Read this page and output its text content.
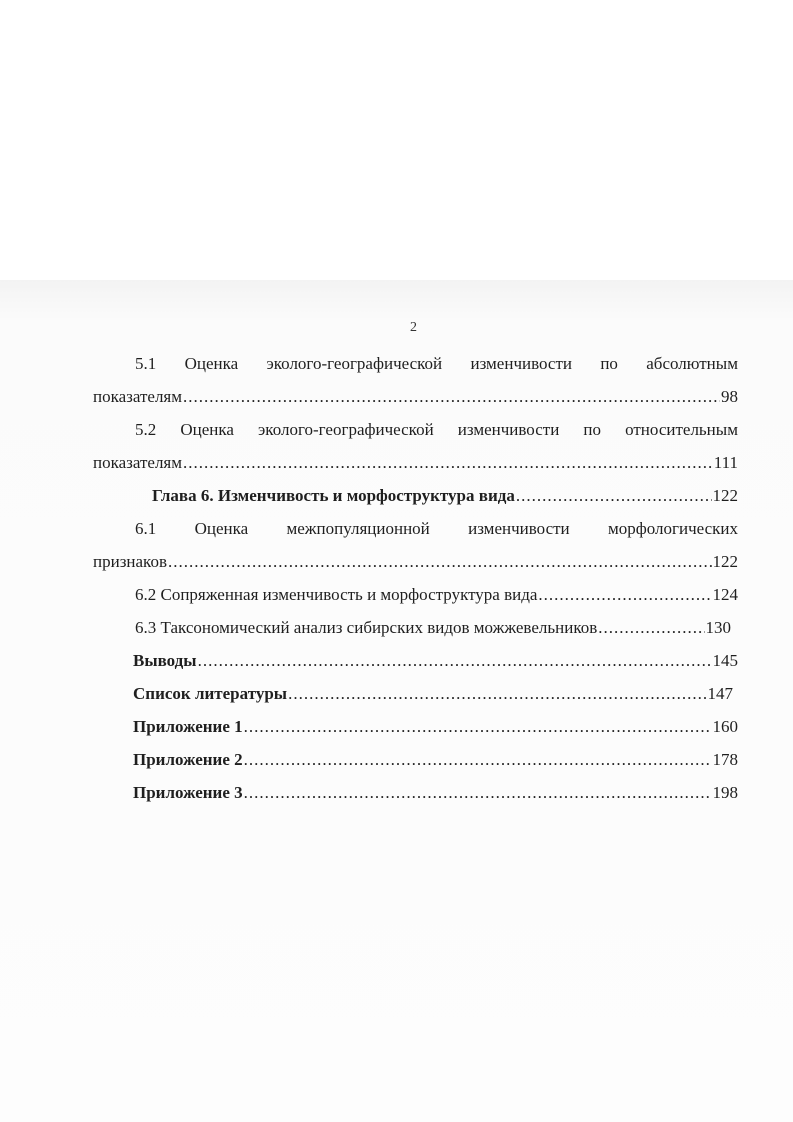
2
5.1 Оценка эколого-географической изменчивости по абсолютным
показателям .....	98
5.2 Оценка эколого-географической изменчивости по относительным
показателям .....	111
Глава 6. Изменчивость и морфоструктура вида .....	122
6.1 Оценка межпопуляционной изменчивости морфологических
признаков .....	122
6.2 Сопряженная изменчивость и морфоструктура вида .....	124
6.3 Таксономический анализ сибирских видов можжевельников .....	130
Выводы .....	145
Список литературы .....	147
Приложение 1 .....	160
Приложение 2 .....	178
Приложение 3 .....	198
